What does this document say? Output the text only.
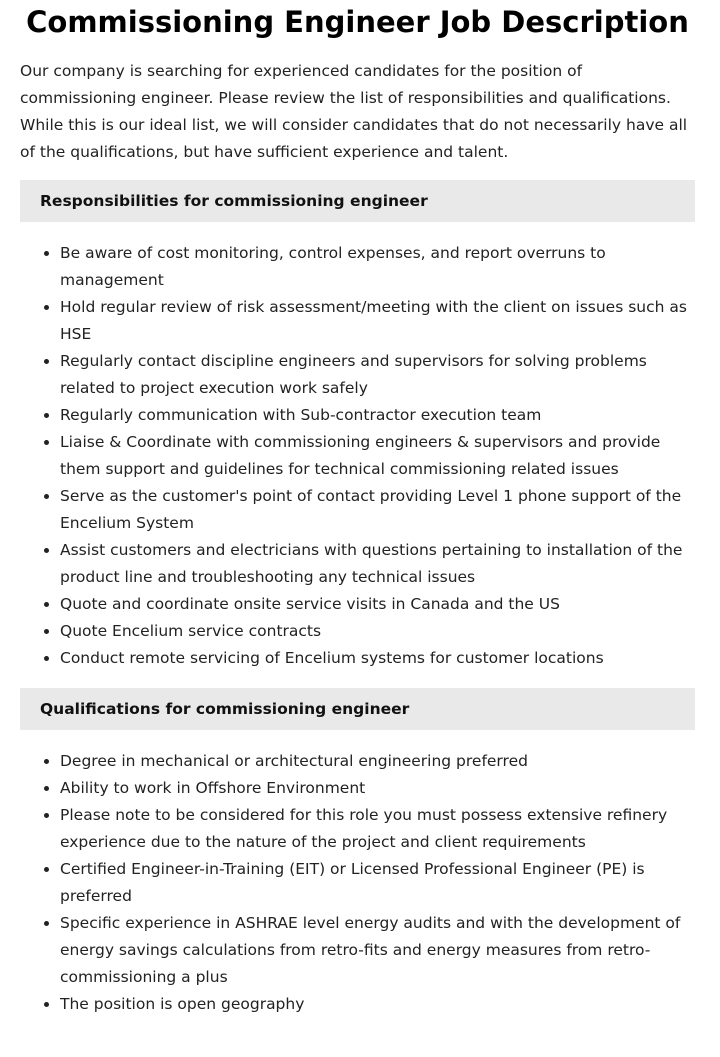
Commissioning Engineer Job Description

Our company is searching for experienced candidates for the position of commissioning engineer. Please review the list of responsibilities and qualifications. While this is our ideal list, we will consider candidates that do not necessarily have all of the qualifications, but have sufficient experience and talent.

Responsibilities for commissioning engineer
• Be aware of cost monitoring, control expenses, and report overruns to management
• Hold regular review of risk assessment/meeting with the client on issues such as HSE
• Regularly contact discipline engineers and supervisors for solving problems related to project execution work safely
• Regularly communication with Sub-contractor execution team
• Liaise & Coordinate with commissioning engineers & supervisors and provide them support and guidelines for technical commissioning related issues
• Serve as the customer's point of contact providing Level 1 phone support of the Encelium System
• Assist customers and electricians with questions pertaining to installation of the product line and troubleshooting any technical issues
• Quote and coordinate onsite service visits in Canada and the US
• Quote Encelium service contracts
• Conduct remote servicing of Encelium systems for customer locations
Qualifications for commissioning engineer
• Degree in mechanical or architectural engineering preferred
• Ability to work in Offshore Environment
• Please note to be considered for this role you must possess extensive refinery experience due to the nature of the project and client requirements
• Certified Engineer-in-Training (EIT) or Licensed Professional Engineer (PE) is preferred
• Specific experience in ASHRAE level energy audits and with the development of energy savings calculations from retro-fits and energy measures from retro-commissioning a plus
• The position is open geography
